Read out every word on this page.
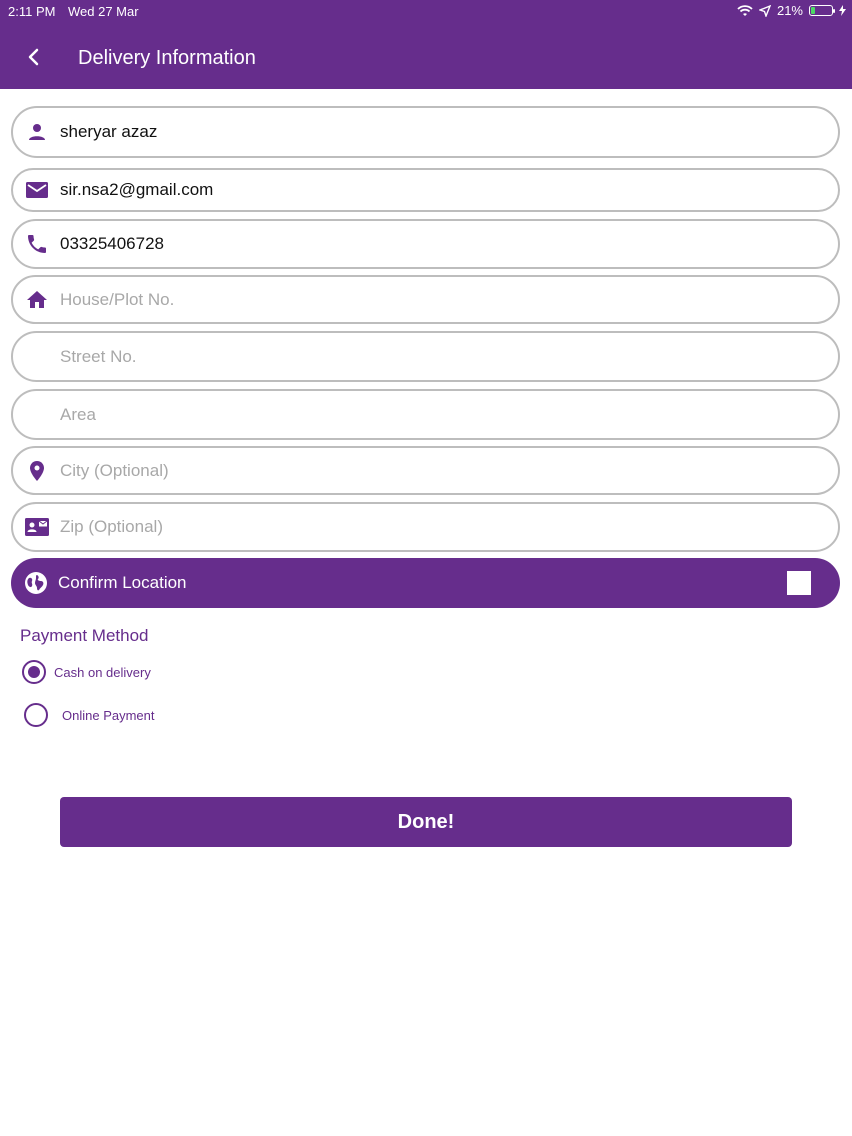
2:11 PM Wed 27 Mar	21%
Delivery Information
sheryar azaz
sir.nsa2@gmail.com
03325406728
House/Plot No.
Street No.
Area
City (Optional)
Zip (Optional)
Confirm Location
Payment Method
Cash on delivery
Online Payment
Done!
